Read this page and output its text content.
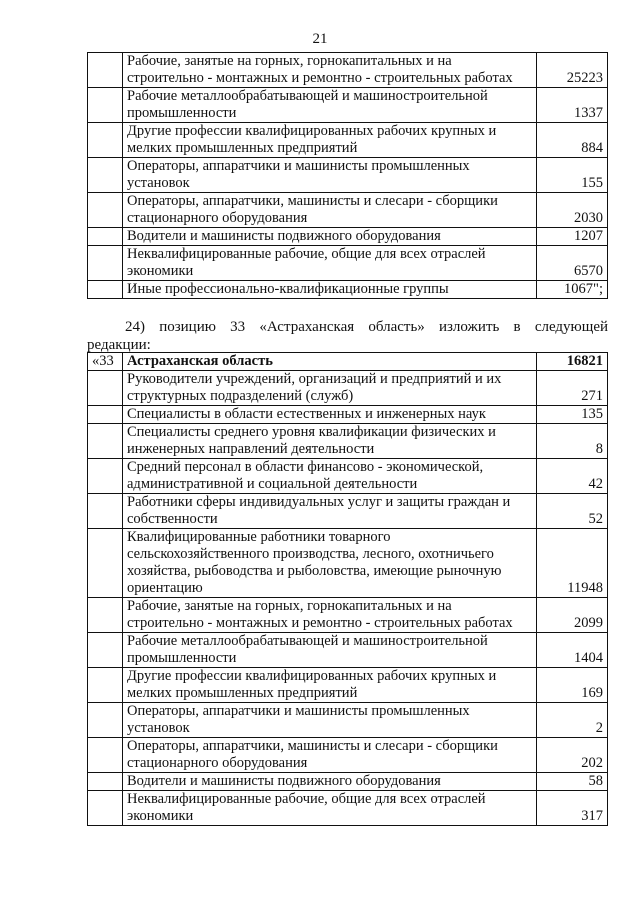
21

	Рабочие, занятые на горных, горнокапитальных и на
строительно - монтажных и ремонтно - строительных работах	25223

	Рабочие металлообрабатывающей и машиностроительной
промышленности	1337

	Другие профессии квалифицированных рабочих крупных и
мелких промышленных предприятий	884

	Операторы, аппаратчики и машинисты промышленных
установок	155

	Операторы, аппаратчики, машинисты и слесари - сборщики
стационарного оборудования	2030

	Водители и машинисты подвижного оборудования	1207

	Неквалифицированные рабочие, общие для всех отраслей
экономики	6570

	Иные профессионально-квалификационные группы	1067";
24) позицию 33 «Астраханская область» изложить в следующей
редакции:
«33	Астраханская область	16821

	Руководители учреждений, организаций и предприятий и их
структурных подразделений (служб)	271

	Специалисты в области естественных и инженерных наук	135

	Специалисты среднего уровня квалификации физических и
инженерных направлений деятельности	8

	Средний персонал в области финансово - экономической,
административной и социальной деятельности	42

	Работники сферы индивидуальных услуг и защиты граждан и
собственности	52

	Квалифицированные работники товарного
сельскохозяйственного производства, лесного, охотничьего
хозяйства, рыбоводства и рыболовства, имеющие рыночную
ориентацию	11948

	Рабочие, занятые на горных, горнокапитальных и на
строительно - монтажных и ремонтно - строительных работах	2099

	Рабочие металлообрабатывающей и машиностроительной
промышленности	1404

	Другие профессии квалифицированных рабочих крупных и
мелких промышленных предприятий	169

	Операторы, аппаратчики и машинисты промышленных
установок	2

	Операторы, аппаратчики, машинисты и слесари - сборщики
стационарного оборудования	202

	Водители и машинисты подвижного оборудования	58

	Неквалифицированные рабочие, общие для всех отраслей
экономики	317
